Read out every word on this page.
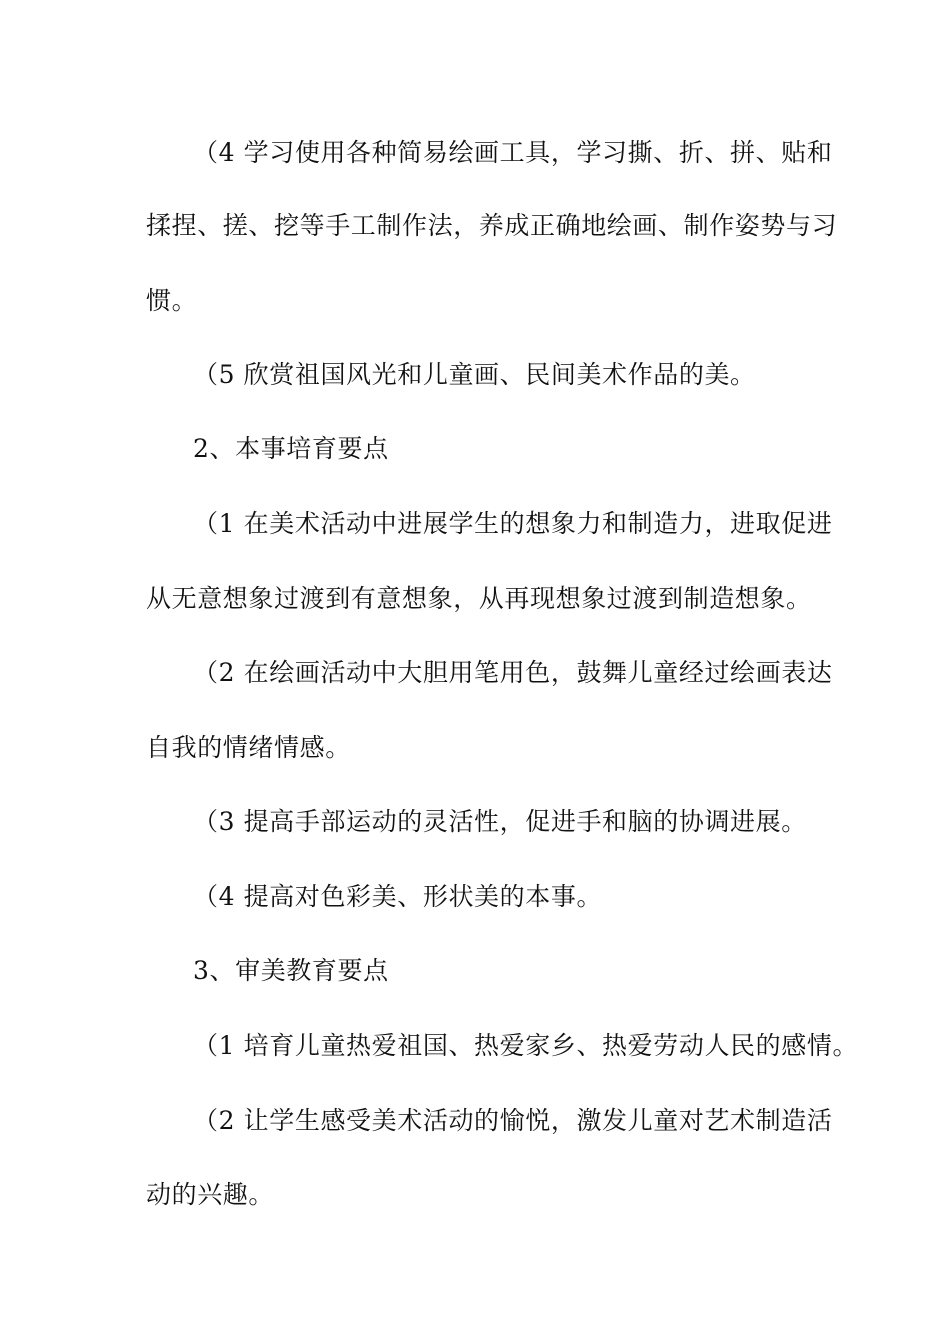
（4 学习使用各种简易绘画工具，学习撕、折、拼、贴和
揉捏、搓、挖等手工制作法，养成正确地绘画、制作姿势与习
惯。
（5 欣赏祖国风光和儿童画、民间美术作品的美。
2、本事培育要点
（1 在美术活动中进展学生的想象力和制造力，进取促进
从无意想象过渡到有意想象，从再现想象过渡到制造想象。
（2 在绘画活动中大胆用笔用色，鼓舞儿童经过绘画表达
自我的情绪情感。
（3 提高手部运动的灵活性，促进手和脑的协调进展。
（4 提高对色彩美、形状美的本事。
3、审美教育要点
（1 培育儿童热爱祖国、热爱家乡、热爱劳动人民的感情。
（2 让学生感受美术活动的愉悦，激发儿童对艺术制造活
动的兴趣。
